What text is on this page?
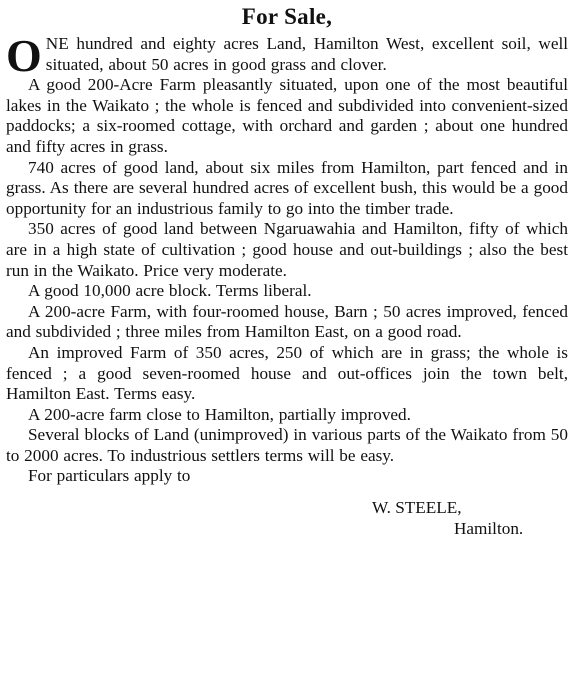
For Sale,

ONE hundred and eighty acres Land, Hamilton West, excellent soil, well situated, about 50 acres in good grass and clover.

A good 200-Acre Farm pleasantly situated, upon one of the most beautiful lakes in the Waikato ; the whole is fenced and subdivided into convenient-sized paddocks; a six-roomed cottage, with orchard and garden ; about one hundred and fifty acres in grass.

740 acres of good land, about six miles from Hamilton, part fenced and in grass. As there are several hundred acres of excellent bush, this would be a good opportunity for an industrious family to go into the timber trade.

350 acres of good land between Ngaruawahia and Hamilton, fifty of which are in a high state of cultivation ; good house and out-buildings ; also the best run in the Waikato. Price very moderate.

A good 10,000 acre block. Terms liberal.

A 200-acre Farm, with four-roomed house, Barn ; 50 acres improved, fenced and subdivided ; three miles from Hamilton East, on a good road.

An improved Farm of 350 acres, 250 of which are in grass; the whole is fenced ; a good seven-roomed house and out-offices join the town belt, Hamilton East. Terms easy.

A 200-acre farm close to Hamilton, partially improved.

Several blocks of Land (unimproved) in various parts of the Waikato from 50 to 2000 acres. To industrious settlers terms will be easy.

For particulars apply to

W. STEELE,
Hamilton.
